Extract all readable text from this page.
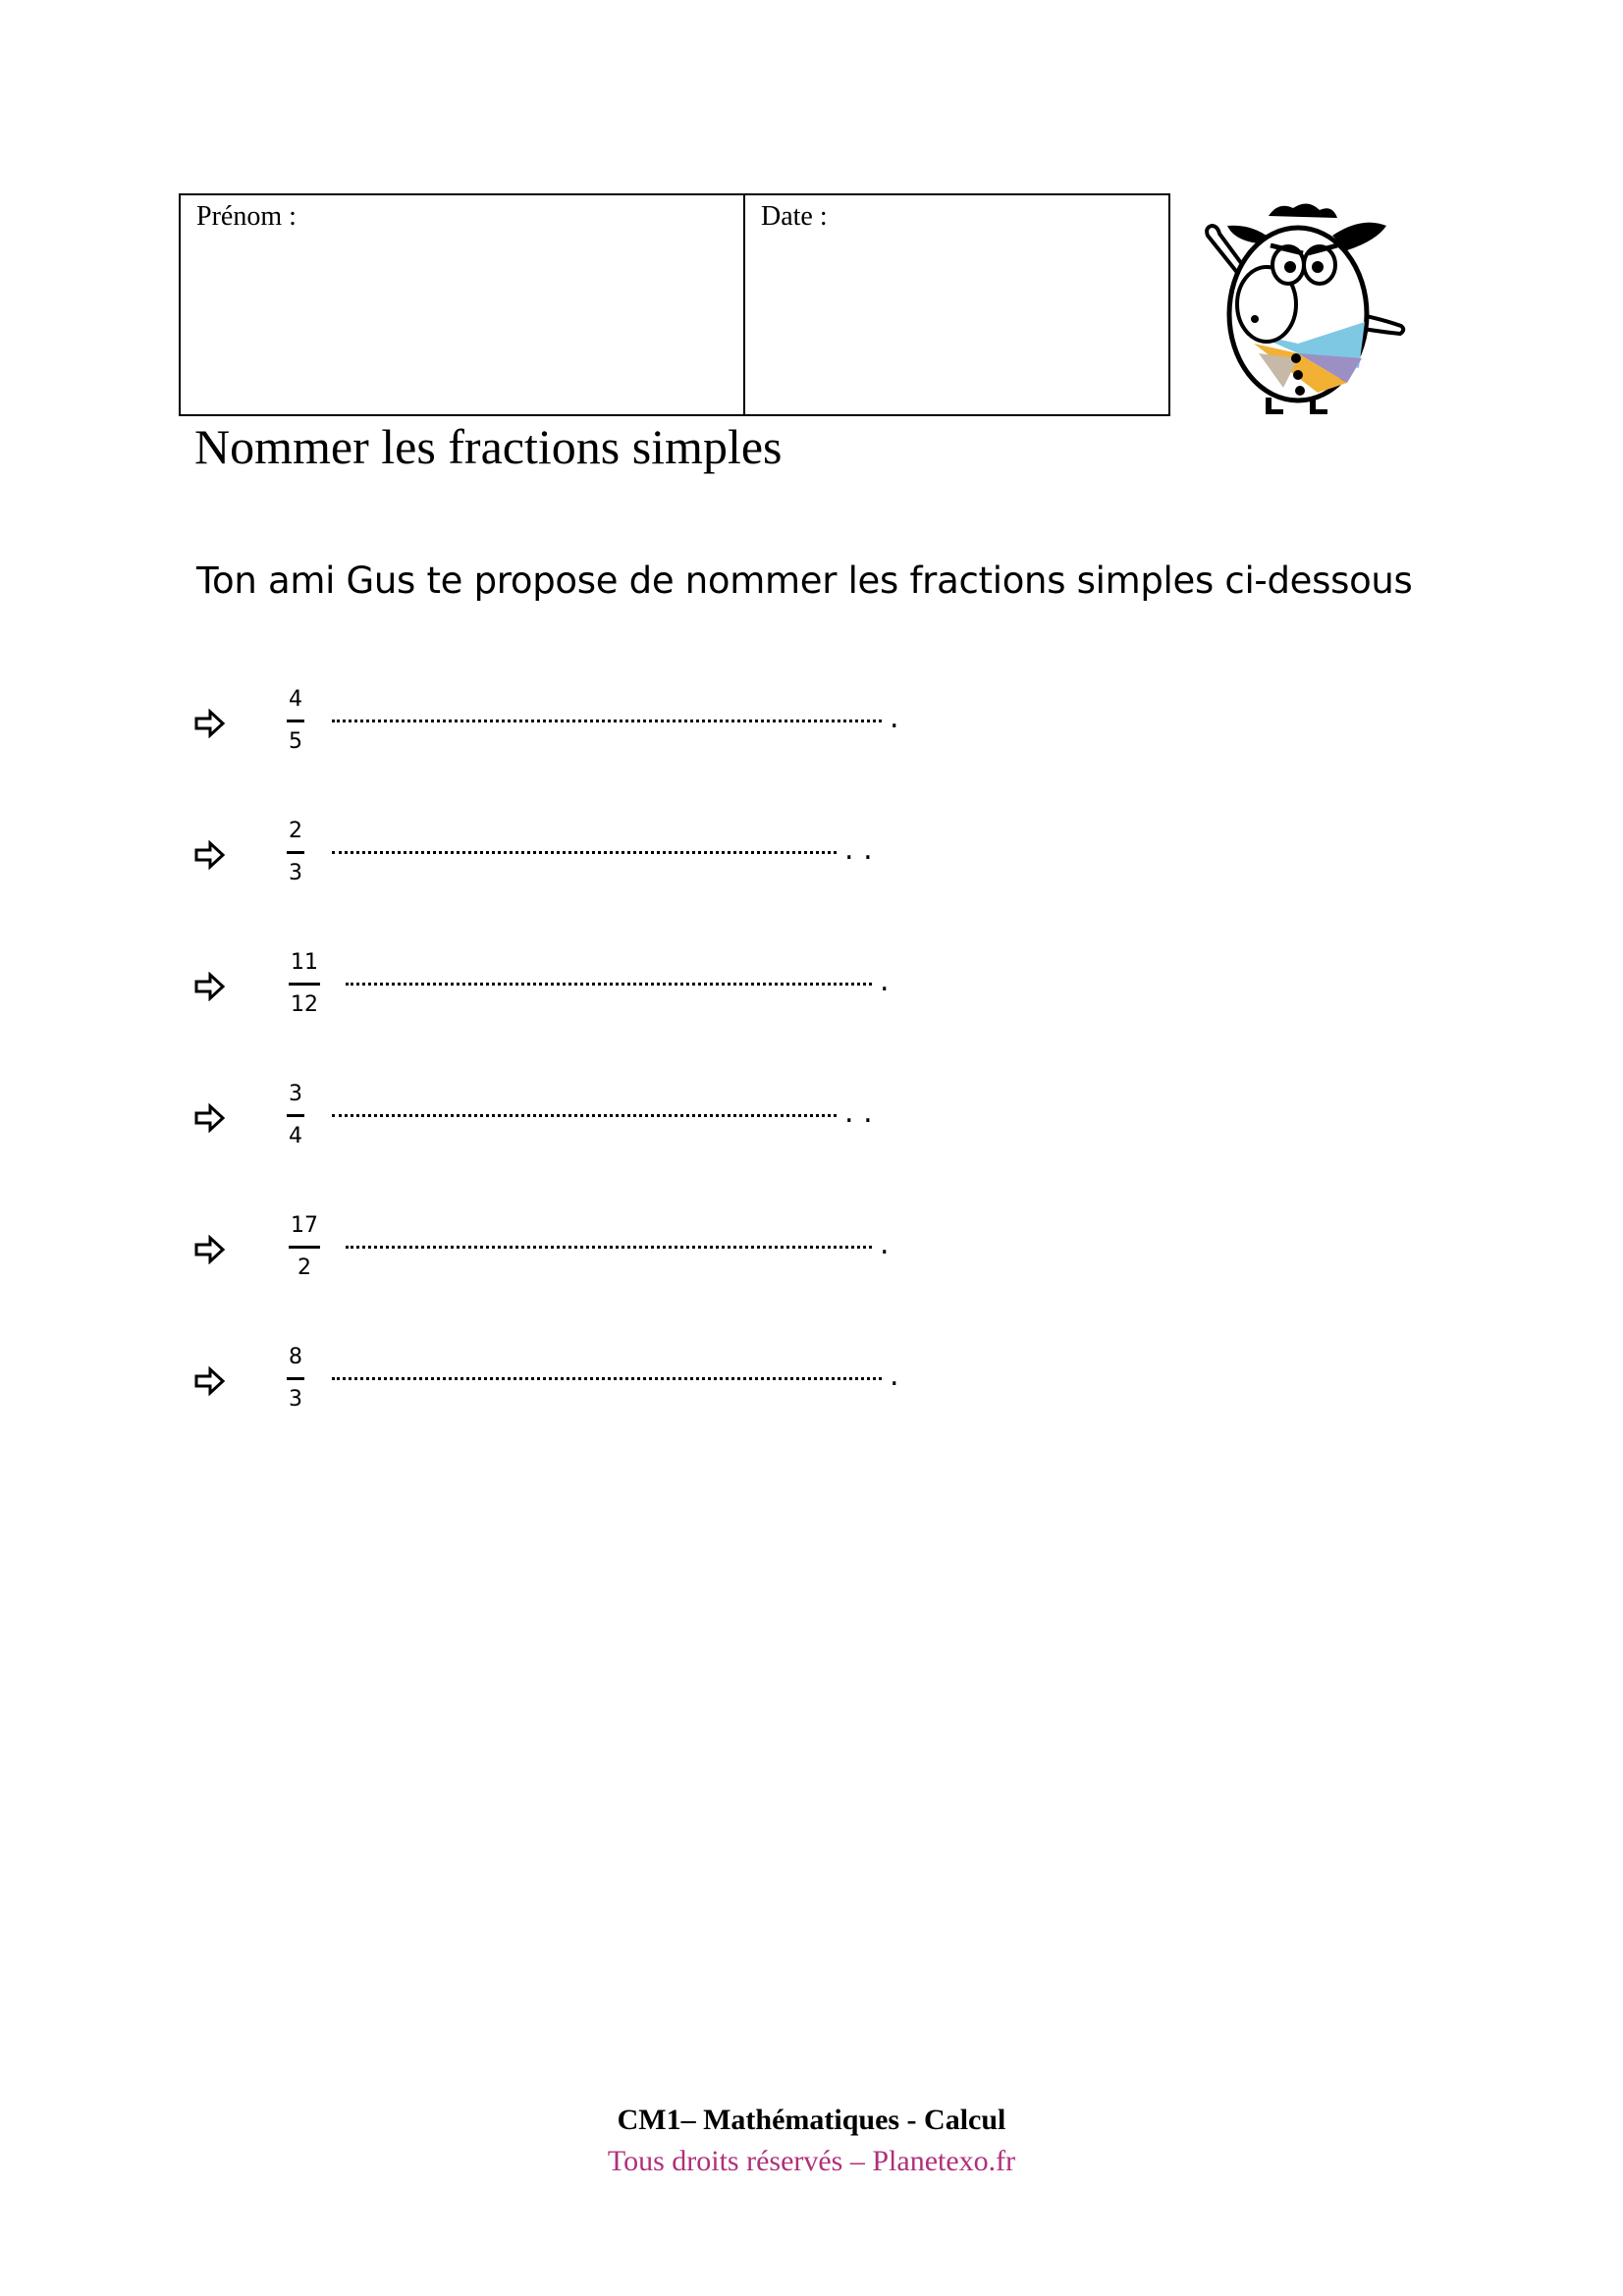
Prénom :	Date :
Nommer les fractions simples
Ton ami Gus te propose de nommer les fractions simples ci-dessous
4
5
.
2
3
. .
11
12
.
3
4
. .
17
2
.
8
3
.
CM1– Mathématiques - Calcul
Tous droits réservés – Planetexo.fr
